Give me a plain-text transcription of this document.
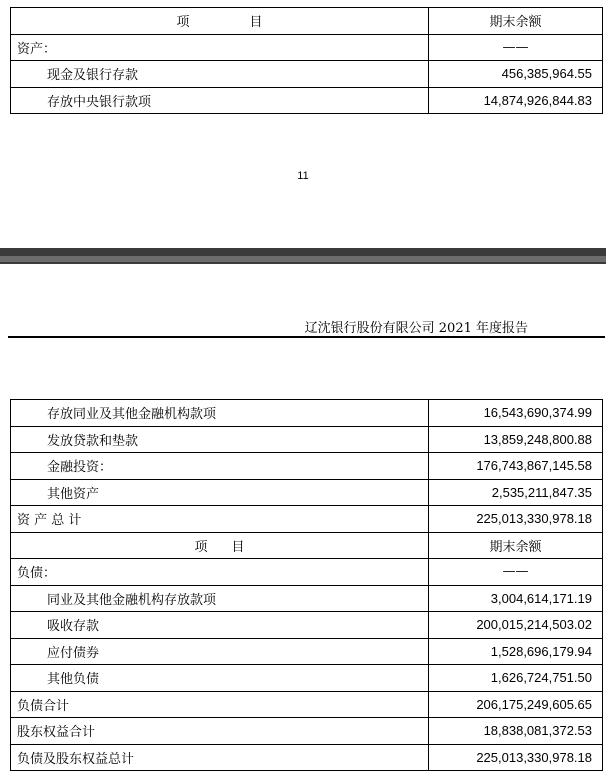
项 目	期末余额
资产：	——
现金及银行存款	456,385,964.55
存放中央银行款项	14,874,926,844.83
11
辽沈银行股份有限公司 2021 年度报告
存放同业及其他金融机构款项	16,543,690,374.99
发放贷款和垫款	13,859,248,800.88
金融投资：	176,743,867,145.58
其他资产	2,535,211,847.35
资 产 总 计	225,013,330,978.18
项 目	期末余额
负债：	——
同业及其他金融机构存放款项	3,004,614,171.19
吸收存款	200,015,214,503.02
应付债券	1,528,696,179.94
其他负债	1,626,724,751.50
负债合计	206,175,249,605.65
股东权益合计	18,838,081,372.53
负债及股东权益总计	225,013,330,978.18
